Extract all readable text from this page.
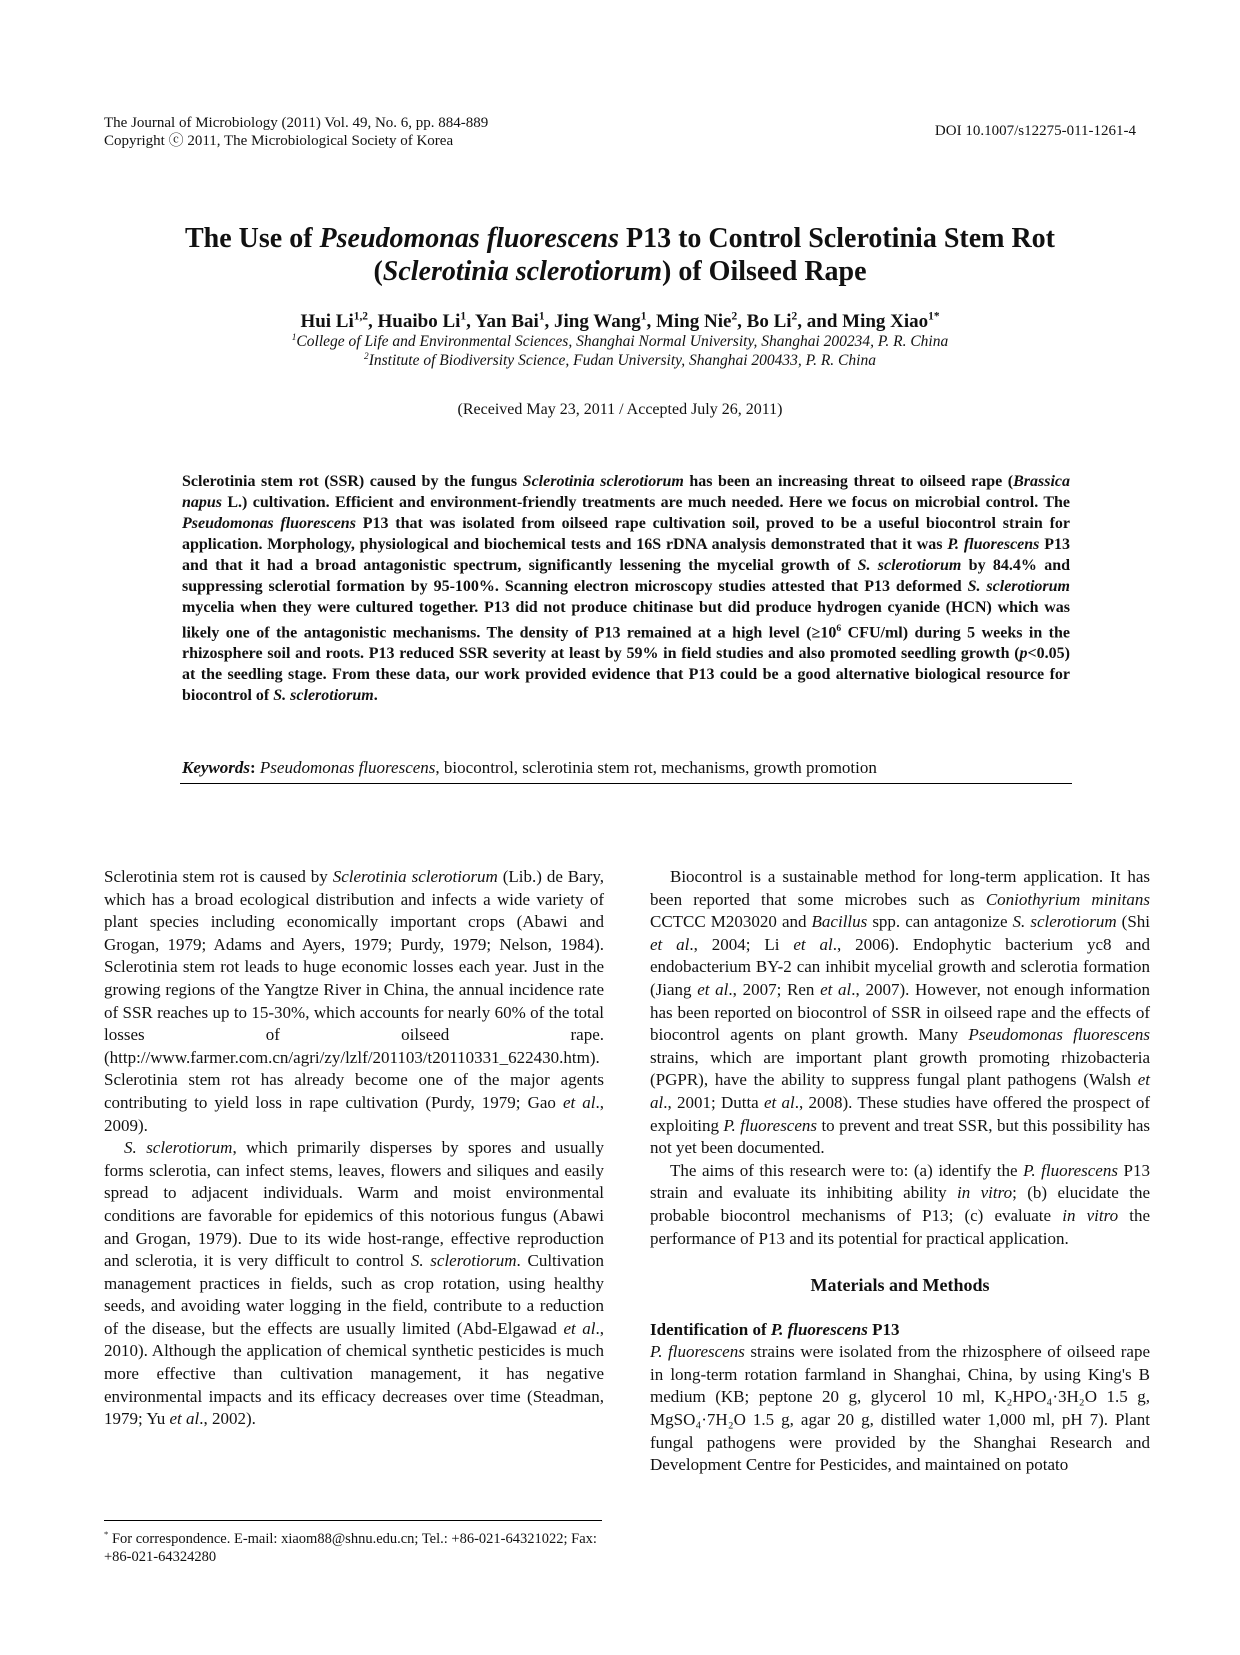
The Journal of Microbiology (2011) Vol. 49, No. 6, pp. 884-889
Copyright ⓒ 2011, The Microbiological Society of Korea
DOI 10.1007/s12275-011-1261-4
The Use of Pseudomonas fluorescens P13 to Control Sclerotinia Stem Rot
(Sclerotinia sclerotiorum) of Oilseed Rape
Hui Li$^{1,2}$, Huaibo Li$^1$, Yan Bai$^1$, Jing Wang$^1$, Ming Nie$^2$, Bo Li$^2$, and Ming Xiao$^{1*}$
$^1$College of Life and Environmental Sciences, Shanghai Normal University, Shanghai 200234, P. R. China
$^2$Institute of Biodiversity Science, Fudan University, Shanghai 200433, P. R. China
(Received May 23, 2011 / Accepted July 26, 2011)
Sclerotinia stem rot (SSR) caused by the fungus Sclerotinia sclerotiorum has been an increasing threat to oilseed rape (Brassica napus L.) cultivation. Efficient and environment-friendly treatments are much needed. Here we focus on microbial control. The Pseudomonas fluorescens P13 that was isolated from oilseed rape cultivation soil, proved to be a useful biocontrol strain for application. Morphology, physiological and biochemical tests and 16S rDNA analysis demonstrated that it was P. fluorescens P13 and that it had a broad antagonistic spectrum, significantly lessening the mycelial growth of S. sclerotiorum by 84.4% and suppressing sclerotial formation by 95-100%. Scanning electron microscopy studies attested that P13 deformed S. sclerotiorum mycelia when they were cultured together. P13 did not produce chitinase but did produce hydrogen cyanide (HCN) which was likely one of the antagonistic mechanisms. The density of P13 remained at a high level ($\ge 10^6$ CFU/ml) during 5 weeks in the rhizosphere soil and roots. P13 reduced SSR severity at least by 59% in field studies and also promoted seedling growth (p<0.05) at the seedling stage. From these data, our work provided evidence that P13 could be a good alternative biological resource for biocontrol of S. sclerotiorum.
Keywords: Pseudomonas fluorescens, biocontrol, sclerotinia stem rot, mechanisms, growth promotion

Sclerotinia stem rot is caused by Sclerotinia sclerotiorum (Lib.) de Bary, which has a broad ecological distribution and infects a wide variety of plant species including economically important crops (Abawi and Grogan, 1979; Adams and Ayers, 1979; Purdy, 1979; Nelson, 1984). Sclerotinia stem rot leads to huge economic losses each year. Just in the growing regions of the Yangtze River in China, the annual incidence rate of SSR reaches up to 15-30%, which accounts for nearly 60% of the total losses of oilseed rape. (http://www.farmer.com.cn/agri/zy/lzlf/201103/t20110331_622430.htm). Sclerotinia stem rot has already become one of the major agents contributing to yield loss in rape cultivation (Purdy, 1979; Gao et al., 2009).

S. sclerotiorum, which primarily disperses by spores and usually forms sclerotia, can infect stems, leaves, flowers and siliques and easily spread to adjacent individuals. Warm and moist environmental conditions are favorable for epidemics of this notorious fungus (Abawi and Grogan, 1979). Due to its wide host-range, effective reproduction and sclerotia, it is very difficult to control S. sclerotiorum. Cultivation management practices in fields, such as crop rotation, using healthy seeds, and avoiding water logging in the field, contribute to a reduction of the disease, but the effects are usually limited (Abd-Elgawad et al., 2010). Although the application of chemical synthetic pesticides is much more effective than cultivation management, it has negative environmental impacts and its efficacy decreases over time (Steadman, 1979; Yu et al., 2002).

Biocontrol is a sustainable method for long-term application. It has been reported that some microbes such as Coniothyrium minitans CCTCC M203020 and Bacillus spp. can antagonize S. sclerotiorum (Shi et al., 2004; Li et al., 2006). Endophytic bacterium yc8 and endobacterium BY-2 can inhibit mycelial growth and sclerotia formation (Jiang et al., 2007; Ren et al., 2007). However, not enough information has been reported on biocontrol of SSR in oilseed rape and the effects of biocontrol agents on plant growth. Many Pseudomonas fluorescens strains, which are important plant growth promoting rhizobacteria (PGPR), have the ability to suppress fungal plant pathogens (Walsh et al., 2001; Dutta et al., 2008). These studies have offered the prospect of exploiting P. fluorescens to prevent and treat SSR, but this possibility has not yet been documented.

The aims of this research were to: (a) identify the P. fluorescens P13 strain and evaluate its inhibiting ability in vitro; (b) elucidate the probable biocontrol mechanisms of P13; (c) evaluate in vitro the performance of P13 and its potential for practical application.

Materials and Methods

Identification of P. fluorescens P13

P. fluorescens strains were isolated from the rhizosphere of oilseed rape in long-term rotation farmland in Shanghai, China, by using King's B medium (KB; peptone 20 g, glycerol 10 ml, K₂HPO₄·3H₂O 1.5 g, MgSO₄·7H₂O 1.5 g, agar 20 g, distilled water 1,000 ml, pH 7). Plant fungal pathogens were provided by the Shanghai Research and Development Centre for Pesticides, and maintained on potato

* For correspondence. E-mail: xiaom88@shnu.edu.cn; Tel.: +86-021-64321022; Fax: +86-021-64324280
